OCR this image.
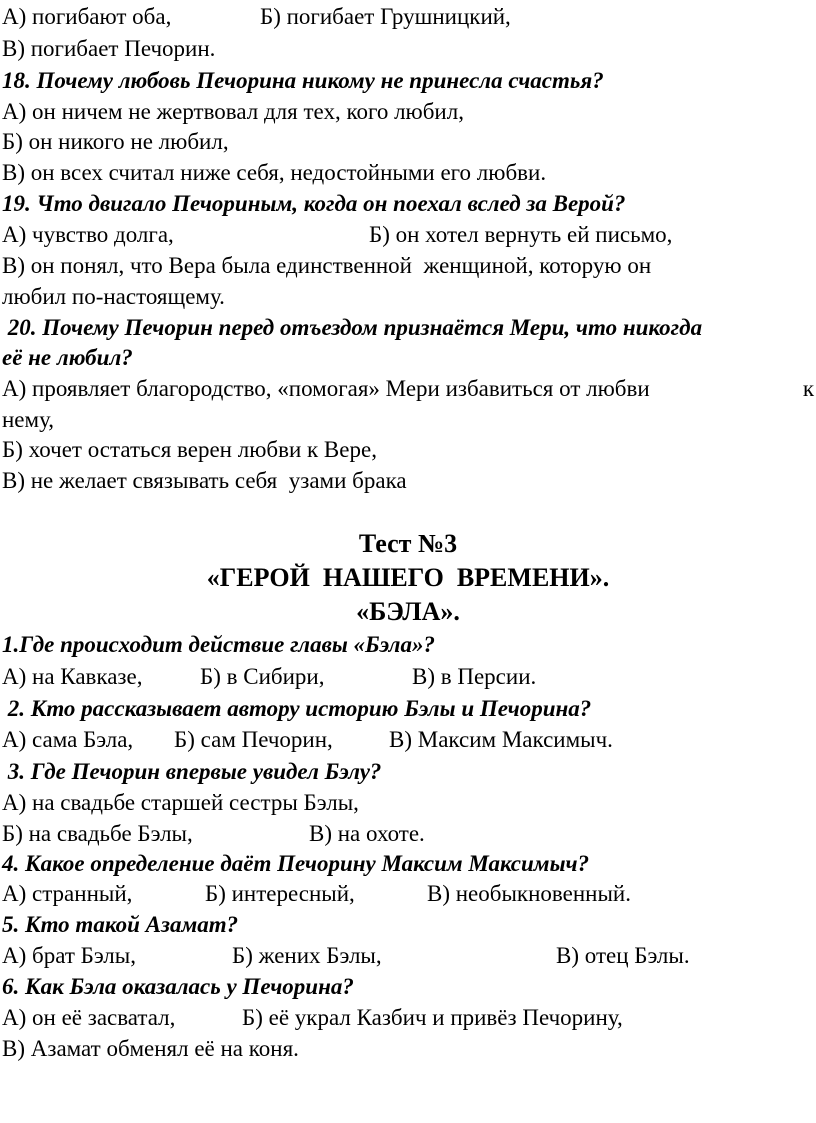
А) погибают оба,

	Б) погибает Грушницкий,

В) погибает Печорин.
18. Почему любовь Печорина никому не принесла счастья?
А) он ничем не жертвовал для тех, кого любил,
Б) он никого не любил,
В) он всех считал ниже себя, недостойными его любви.
19. Что двигало Печориным, когда он поехал вслед за Верой?

А) чувство долга,

	Б) он хотел вернуть ей письмо,

В) он понял, что Вера была единственной  женщиной, которую он
любил по-настоящему.
20. Почему Печорин перед отъездом признаётся Мери, что никогда
её не любил?

А) проявляет благородство, «помогая» Мери избавиться от любви

	к

нему,
Б) хочет остаться верен любви к Вере,
В) не желает связывать себя  узами брака
Тест №3
«ГЕРОЙ  НАШЕГО  ВРЕМЕНИ».
«БЭЛА».
1.Где происходит действие главы «Бэла»?

А) на Кавказе,

	Б) в Сибири,

	В) в Персии.

2. Кто рассказывает автору историю Бэлы и Печорина?

А) сама Бэла,

Б) сам Печорин,

В) Максим Максимыч.

3. Где Печорин впервые увидел Бэлу?
А) на свадьбе старшей сестры Бэлы,

Б) на свадьбе Бэлы,

	В) на охоте.

4. Какое определение даёт Печорину Максим Максимыч?

А) странный,

	Б) интересный,

	В) необыкновенный.

5. Кто такой Азамат?

А) брат Бэлы,

	Б) жених Бэлы,

	В) отец Бэлы.

6. Как Бэла оказалась у Печорина?

А) он её засватал,

	Б) её украл Казбич и привёз Печорину,

В) Азамат обменял её на коня.
